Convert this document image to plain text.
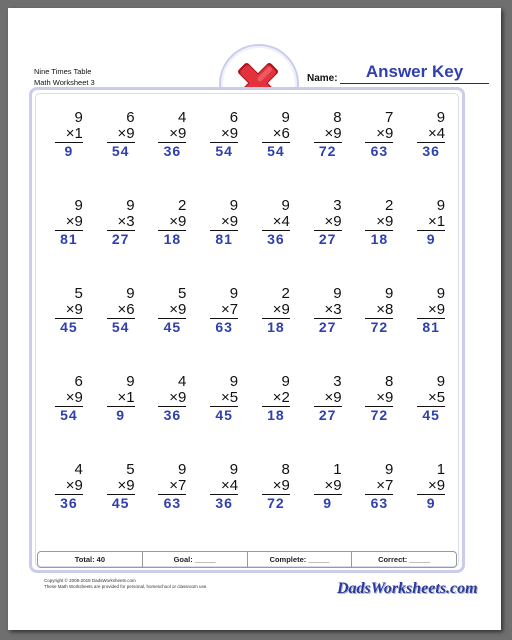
Nine Times Table
Math Worksheet 3	Name:	Answer Key
9
×1
9
6
×9
54
4
×9
36
6
×9
54
9
×6
54
8
×9
72
7
×9
63
9
×4
36
9
×9
81
9
×3
27
2
×9
18
9
×9
81
9
×4
36
3
×9
27
2
×9
18
9
×1
9
5
×9
45
9
×6
54
5
×9
45
9
×7
63
2
×9
18
9
×3
27
9
×8
72
9
×9
81
6
×9
54
9
×1
9
4
×9
36
9
×5
45
9
×2
18
3
×9
27
8
×9
72
9
×5
45
4
×9
36
5
×9
45
9
×7
63
9
×4
36
8
×9
72
1
×9
9
9
×7
63
1
×9
9
Total: 40	Goal: _____	Complete: _____	Correct: _____
Copyright © 2008-2018 DadsWorksheets.com
These Math Worksheets are provided for personal, homeschool or classroom use.	DadsWorksheets.com
